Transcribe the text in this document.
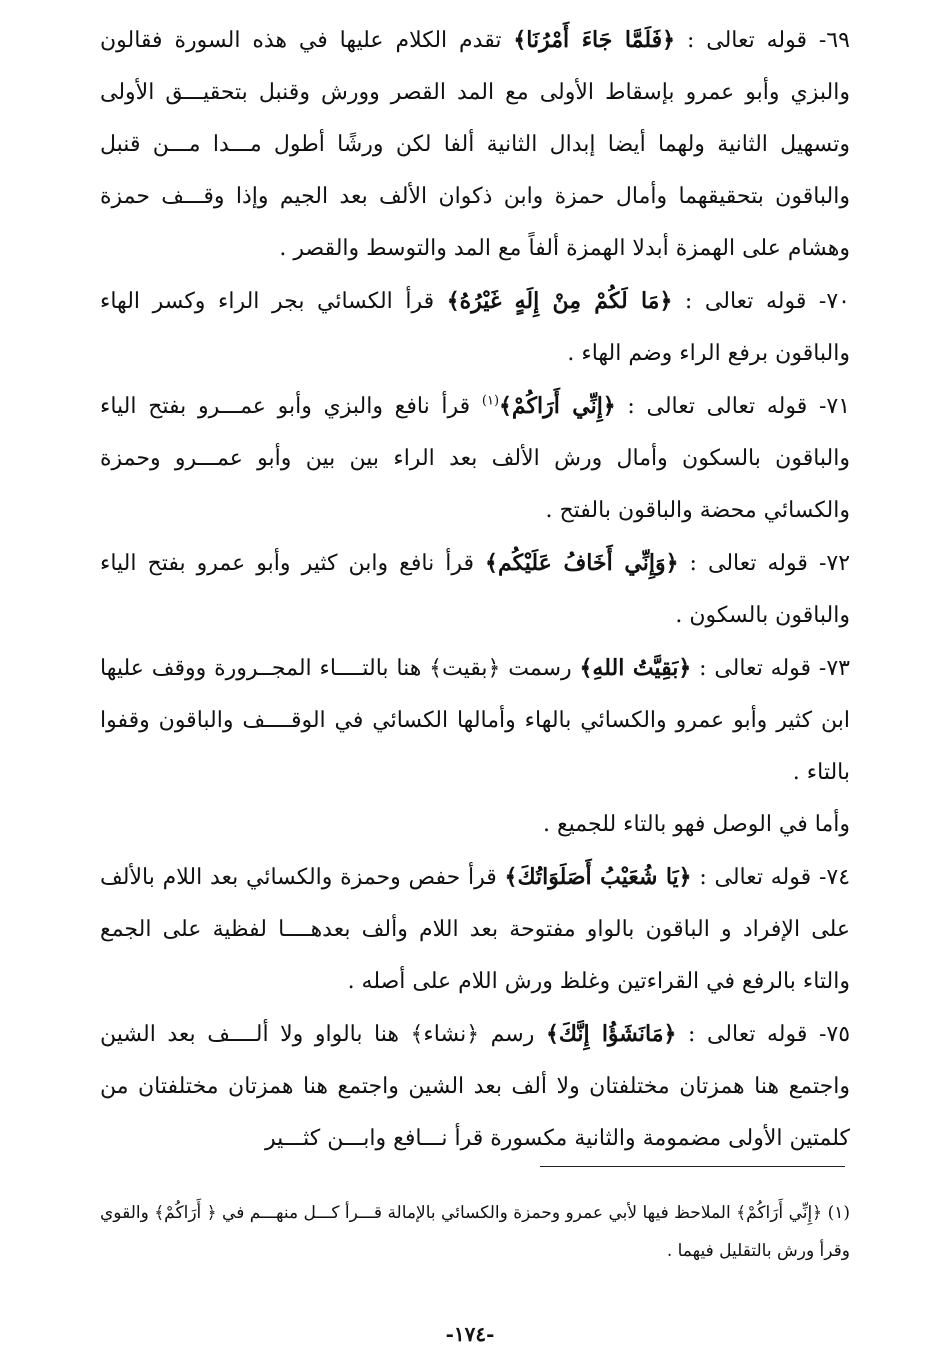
٦٩- قوله تعالى : ﴿فَلَمَّا جَاءَ أَمْرُنَا﴾ تقدم الكلام عليها في هذه السورة فقالون والبزي وأبو عمرو بإسقاط الأولى مع المد القصر وورش وقنبل بتحقيـــق الأولى وتسهيل الثانية ولهما أيضا إبدال الثانية ألفا لكن ورشًا أطول مـــدا مـــن قنبل والباقون بتحقيقهما وأمال حمزة وابن ذكوان الألف بعد الجيم وإذا وقـــف حمزة وهشام على الهمزة أبدلا الهمزة ألفاً مع المد والتوسط والقصر .

٧٠- قوله تعالى : ﴿مَا لَكُمْ مِنْ إِلَهٍ غَيْرُهُ﴾ قرأ الكسائي بجر الراء وكسر الهاء والباقون برفع الراء وضم الهاء .

٧١- قوله تعالى تعالى : ﴿إِنِّي أَرَاكُمْ﴾$^{(١)}$ قرأ نافع والبزي وأبو عمـــرو بفتح الياء والباقون بالسكون وأمال ورش الألف بعد الراء بين بين وأبو عمـــرو وحمزة والكسائي محضة والباقون بالفتح .

٧٢- قوله تعالى : ﴿وَإِنِّي أَخَافُ عَلَيْكُم﴾ قرأ نافع وابن كثير وأبو عمرو بفتح الياء والباقون بالسكون .

٧٣- قوله تعالى : ﴿بَقِيَّتُ اللهِ﴾ رسمت ﴿بقيت﴾ هنا بالتــــاء المجــرورة ووقف عليها ابن كثير وأبو عمرو والكسائي بالهاء وأمالها الكسائي في الوقــــف والباقون وقفوا بالتاء .

وأما في الوصل فهو بالتاء للجميع .

٧٤- قوله تعالى : ﴿يَا شُعَيْبُ أَصَلَوَاتُكَ﴾ قرأ حفص وحمزة والكسائي بعد اللام بالألف على الإفراد و الباقون بالواو مفتوحة بعد اللام وألف بعدهــــا لفظية على الجمع والتاء بالرفع في القراءتين وغلظ ورش اللام على أصله .

٧٥- قوله تعالى : ﴿مَانَشَؤُا إِنَّكَ﴾ رسم ﴿نشاء﴾ هنا بالواو ولا ألــــف بعد الشين واجتمع هنا همزتان مختلفتان ولا ألف بعد الشين واجتمع هنا همزتان مختلفتان من كلمتين الأولى مضمومة والثانية مكسورة قرأ نـــافع وابـــن كثـــير

(١) ﴿إِنِّي أَرَاكُمْ﴾ الملاحظ فيها لأبي عمرو وحمزة والكسائي بالإمالة قـــرأ كـــل منهـــم في ﴿ أَرَاكُمْ﴾ والقوي وقرأ ورش بالتقليل فيهما .

-١٧٤-
